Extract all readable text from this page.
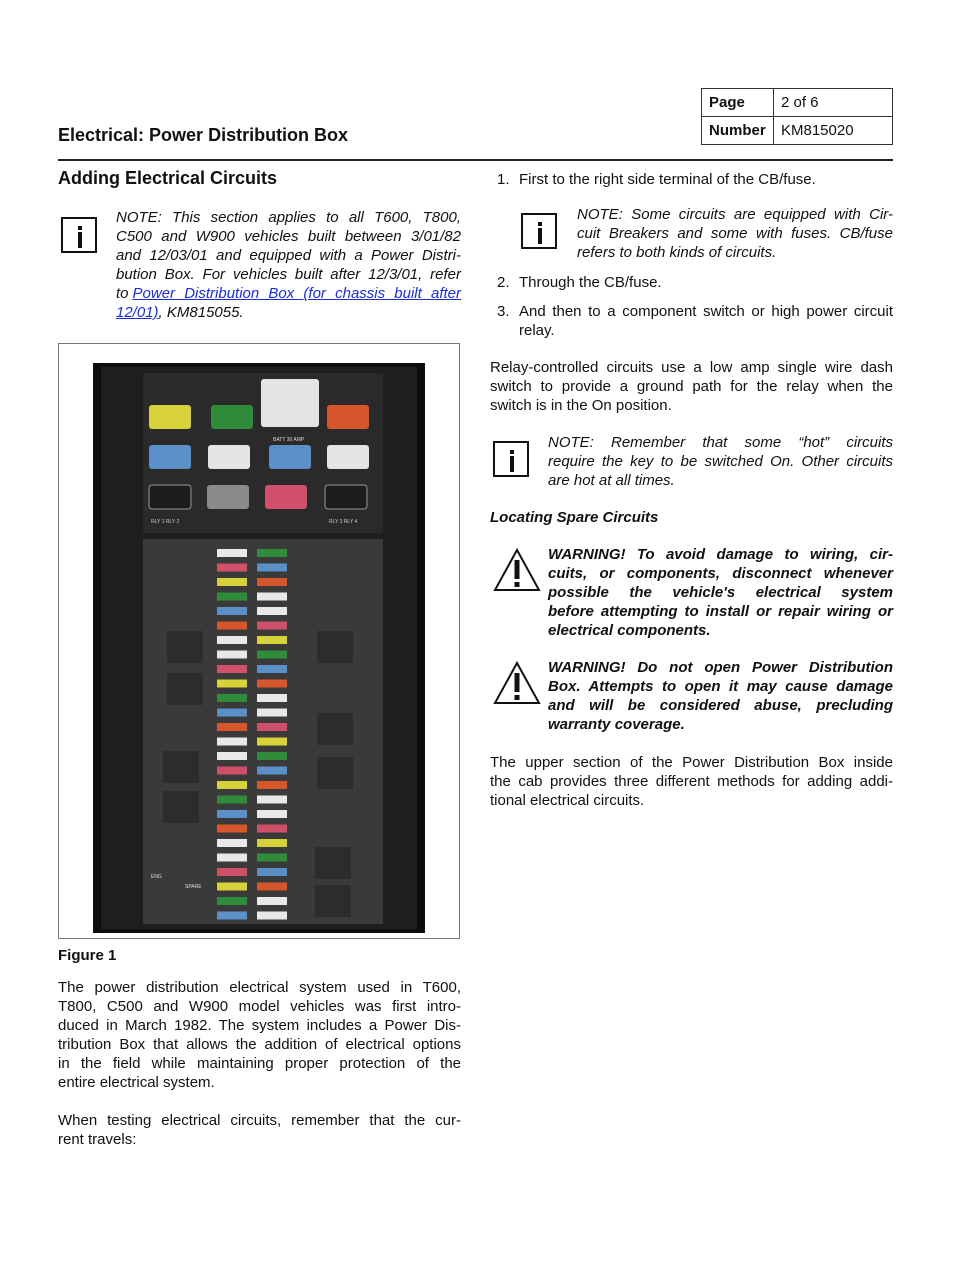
Page	2 of 6
Number	KM815020
Electrical: Power Distribution Box
Adding Electrical Circuits
NOTE: This section applies to all T600, T800,
C500 and W900 vehicles built between 3/01/82
and 12/03/01 and equipped with a Power Distri-
bution Box. For vehicles built after 12/3/01, refer
to Power Distribution Box (for chassis built after
12/01), KM815055.
BATT 30 AMP
RLY 1 RLY 2	RLY 3 RLY 4
SPARE
ENG
Figure 1
The power distribution electrical system used in T600,
T800, C500 and W900 model vehicles was first intro-
duced in March 1982. The system includes a Power Dis-
tribution Box that allows the addition of electrical options
in the field while maintaining proper protection of the
entire electrical system.
When testing electrical circuits, remember that the cur-
rent travels:
1. First to the right side terminal of the CB/fuse.
NOTE: Some circuits are equipped with Cir-
cuit Breakers and some with fuses. CB/fuse
refers to both kinds of circuits.
2. Through the CB/fuse.
3. And then to a component switch or high power circuit
relay.
Relay-controlled circuits use a low amp single wire dash
switch to provide a ground path for the relay when the
switch is in the On position.
NOTE: Remember that some “hot” circuits
require the key to be switched On. Other circuits
are hot at all times.
Locating Spare Circuits
WARNING! To avoid damage to wiring, cir-
cuits, or components, disconnect whenever
possible the vehicle's electrical system
before attempting to install or repair wiring or
electrical components.
WARNING! Do not open Power Distribution
Box. Attempts to open it may cause damage
and will be considered abuse, precluding
warranty coverage.
The upper section of the Power Distribution Box inside
the cab provides three different methods for adding addi-
tional electrical circuits.
